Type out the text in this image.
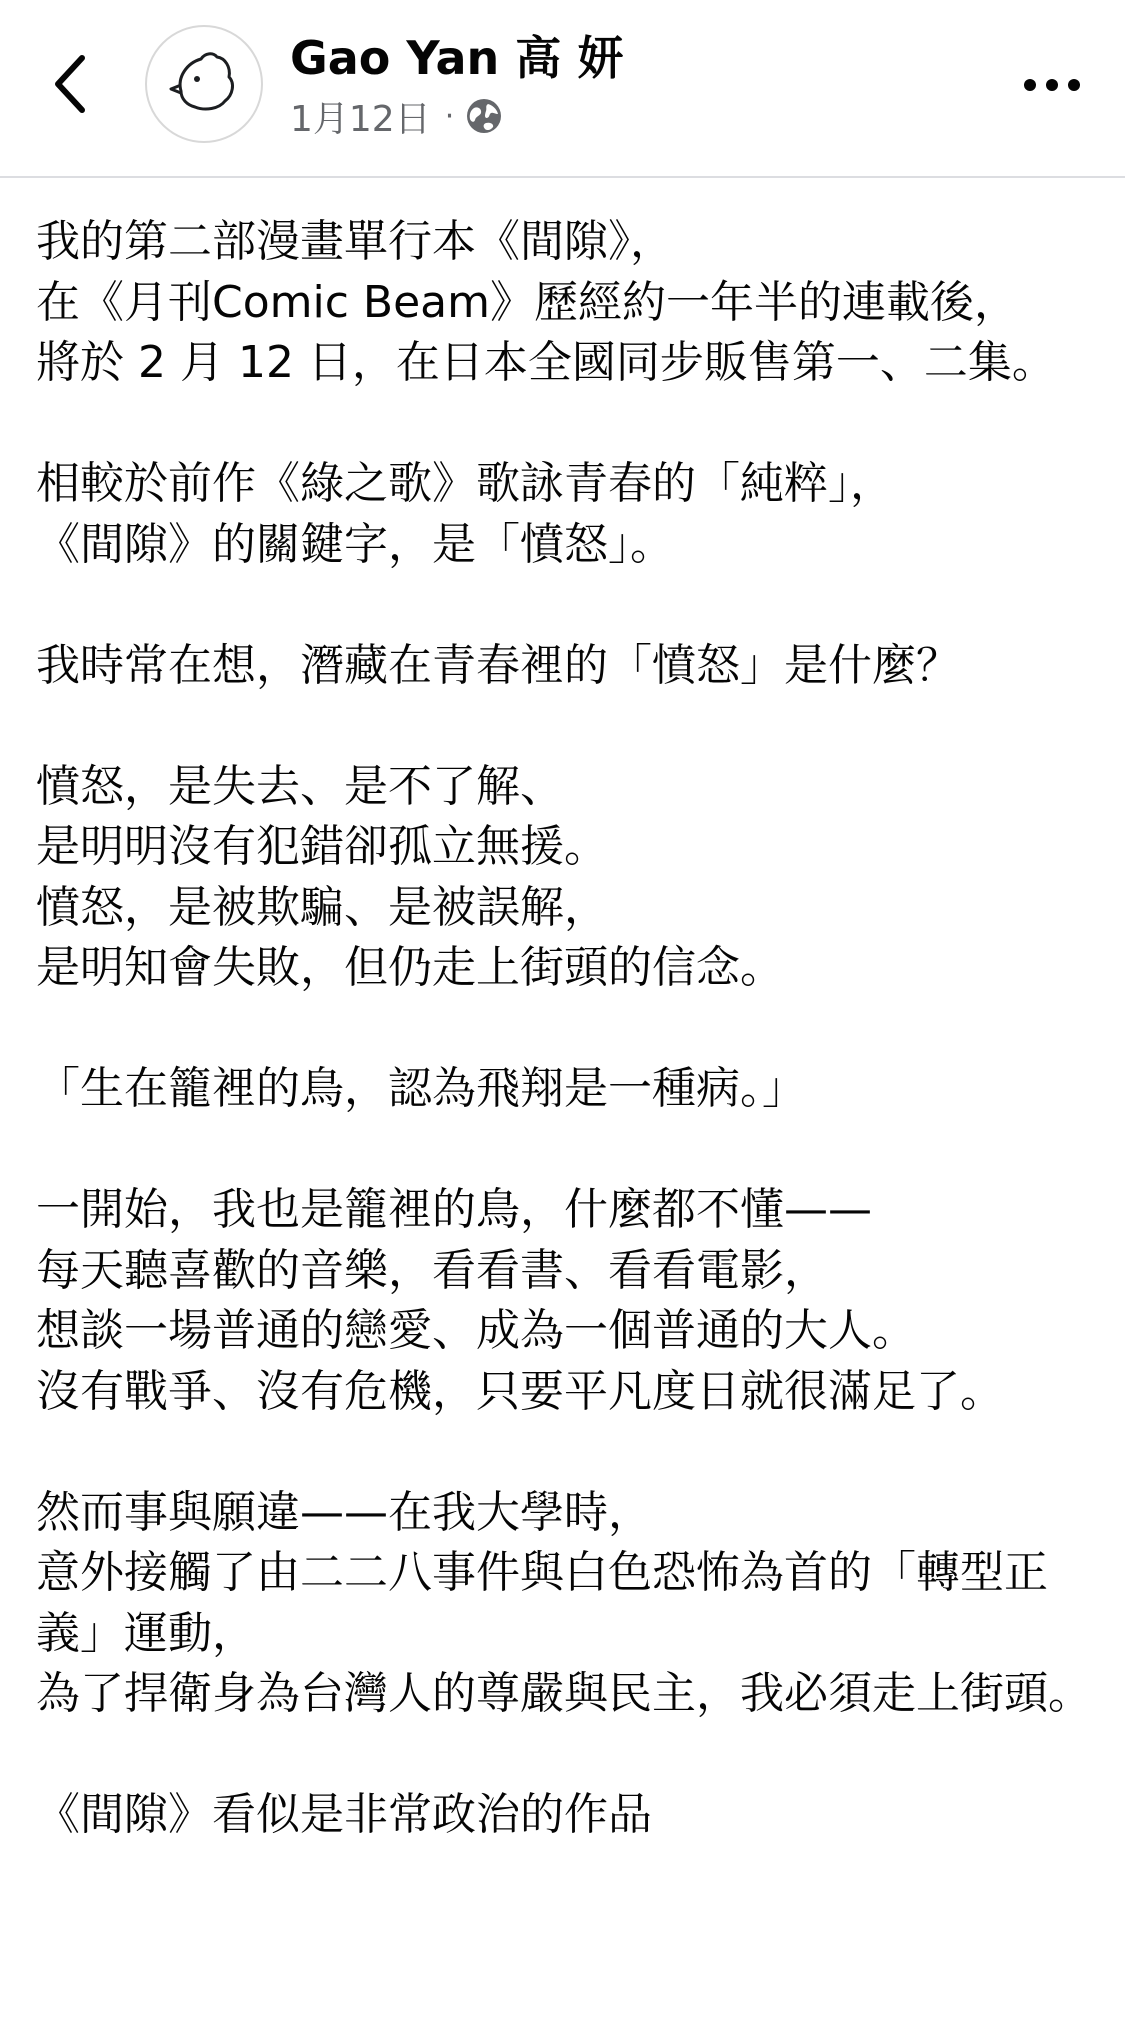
Gao Yan 高 妍
1月12日 ·
我的第二部漫畫單行本《間隙》，
在《月刊Comic Beam》歷經約一年半的連載後，
將於 2 月 12 日，在日本全國同步販售第一、二集。
相較於前作《綠之歌》歌詠青春的「純粹」，
《間隙》的關鍵字，是「憤怒」。
我時常在想，潛藏在青春裡的「憤怒」是什麼？
憤怒，是失去、是不了解、
是明明沒有犯錯卻孤立無援。
憤怒，是被欺騙、是被誤解，
是明知會失敗，但仍走上街頭的信念。
「生在籠裡的鳥，認為飛翔是一種病。」
一開始，我也是籠裡的鳥，什麼都不懂——
每天聽喜歡的音樂，看看書、看看電影，
想談一場普通的戀愛、成為一個普通的大人。
沒有戰爭、沒有危機，只要平凡度日就很滿足了。
然而事與願違——在我大學時，
意外接觸了由二二八事件與白色恐怖為首的「轉型正義」運動，
為了捍衛身為台灣人的尊嚴與民主，我必須走上街頭。
《間隙》看似是非常政治的作品
